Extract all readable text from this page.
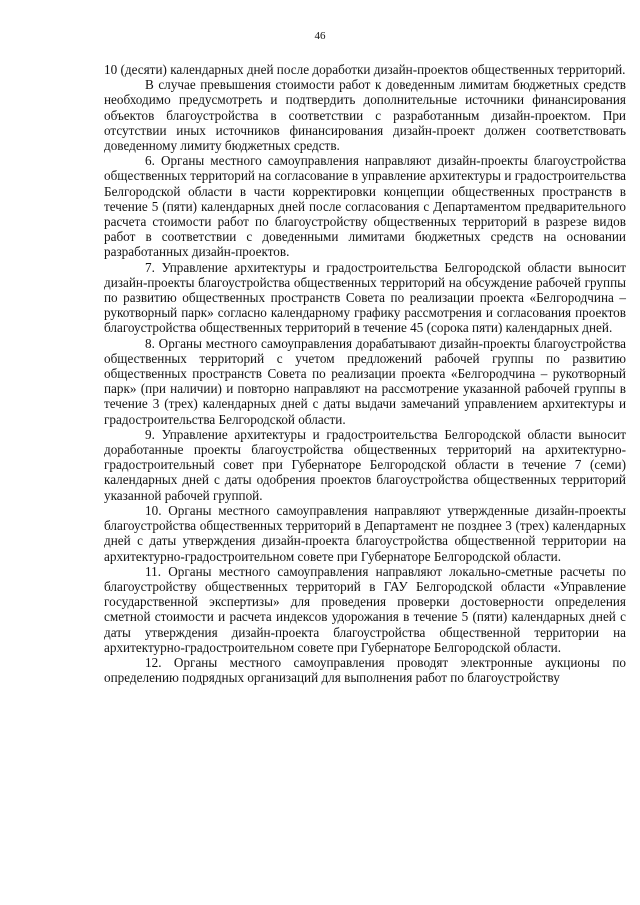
46

10 (десяти) календарных дней после доработки дизайн-проектов общественных территорий.

В случае превышения стоимости работ к доведенным лимитам бюджетных средств необходимо предусмотреть и подтвердить дополнительные источники финансирования объектов благоустройства в соответствии с разработанным дизайн-проектом. При отсутствии иных источников финансирования дизайн-проект должен соответствовать доведенному лимиту бюджетных средств.

6. Органы местного самоуправления направляют дизайн-проекты благоустройства общественных территорий на согласование в управление архитектуры и градостроительства Белгородской области в части корректировки концепции общественных пространств в течение 5 (пяти) календарных дней после согласования с Департаментом предварительного расчета стоимости работ по благоустройству общественных территорий в разрезе видов работ в соответствии с доведенными лимитами бюджетных средств на основании разработанных дизайн-проектов.

7. Управление архитектуры и градостроительства Белгородской области выносит дизайн-проекты благоустройства общественных территорий на обсуждение рабочей группы по развитию общественных пространств Совета по реализации проекта «Белгородчина – рукотворный парк» согласно календарному графику рассмотрения и согласования проектов благоустройства общественных территорий в течение 45 (сорока пяти) календарных дней.

8. Органы местного самоуправления дорабатывают дизайн-проекты благоустройства общественных территорий с учетом предложений рабочей группы по развитию общественных пространств Совета по реализации проекта «Белгородчина – рукотворный парк» (при наличии) и повторно направляют на рассмотрение указанной рабочей группы в течение 3 (трех) календарных дней с даты выдачи замечаний управлением архитектуры и градостроительства Белгородской области.

9. Управление архитектуры и градостроительства Белгородской области выносит доработанные проекты благоустройства общественных территорий на архитектурно-градостроительный совет при Губернаторе Белгородской области в течение 7 (семи) календарных дней с даты одобрения проектов благоустройства общественных территорий указанной рабочей группой.

10. Органы местного самоуправления направляют утвержденные дизайн-проекты благоустройства общественных территорий в Департамент не позднее 3 (трех) календарных дней с даты утверждения дизайн-проекта благоустройства общественной территории на архитектурно-градостроительном совете при Губернаторе Белгородской области.

11. Органы местного самоуправления направляют локально-сметные расчеты по благоустройству общественных территорий в ГАУ Белгородской области «Управление государственной экспертизы» для проведения проверки достоверности определения сметной стоимости и расчета индексов удорожания в течение 5 (пяти) календарных дней с даты утверждения дизайн-проекта благоустройства общественной территории на архитектурно-градостроительном совете при Губернаторе Белгородской области.

12. Органы местного самоуправления проводят электронные аукционы по определению подрядных организаций для выполнения работ по благоустройству
